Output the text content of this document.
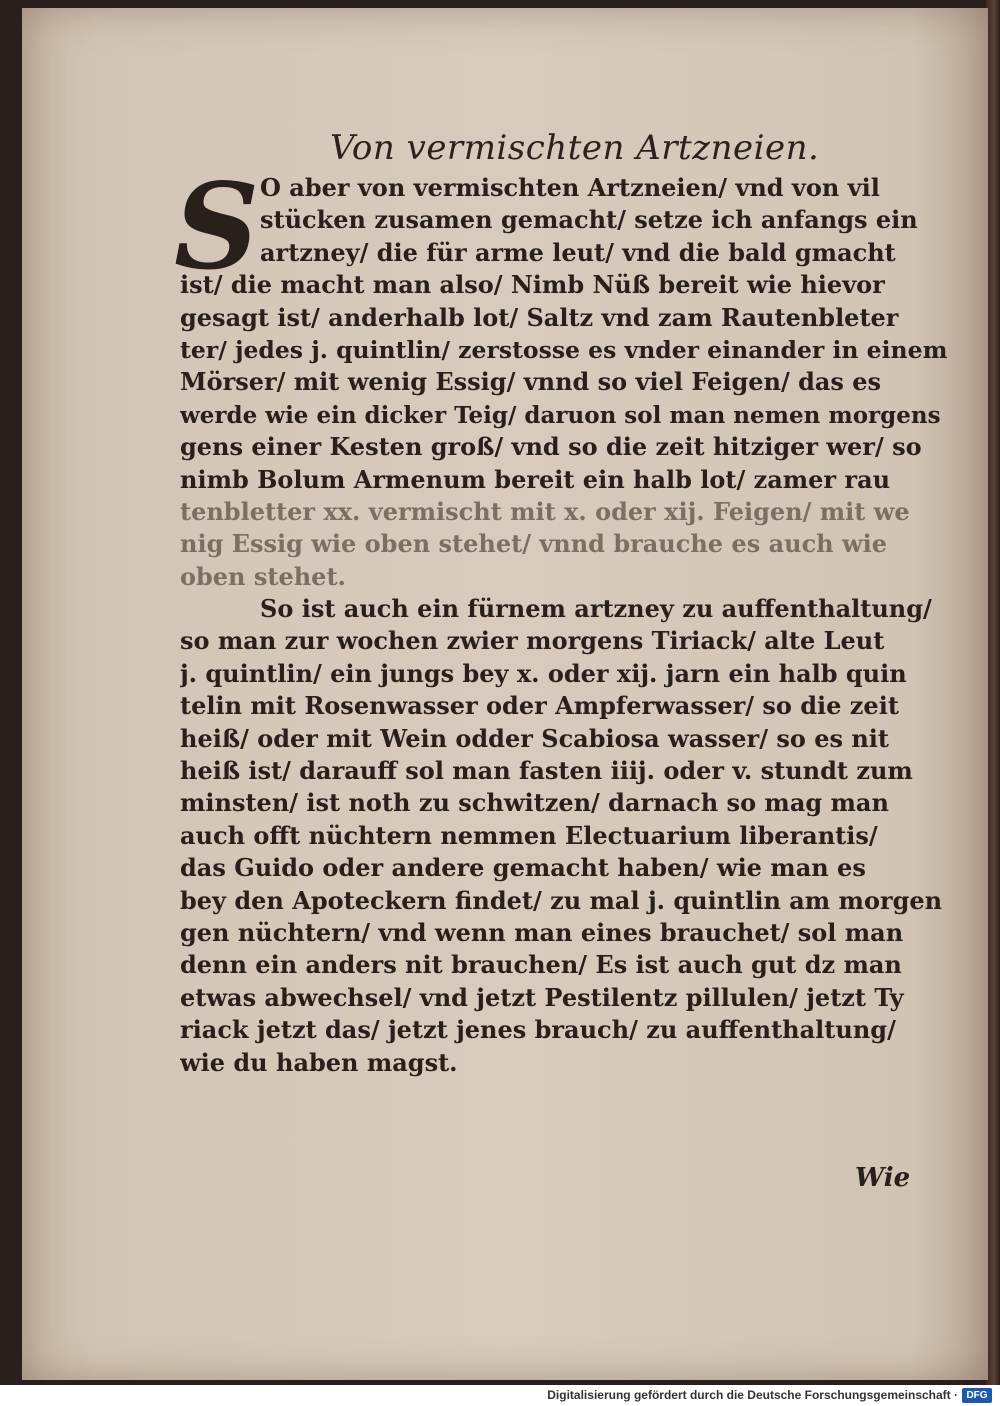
Von vermischten Artzneien.
S O aber von vermischten Artzneien/ vnd von vil
stücken zusamen gemacht/ setze ich anfangs ein
artzney/ die für arme leut/ vnd die bald gmacht
ist/ die macht man also/ Nimb Nüß bereit wie hievor
gesagt ist/ anderhalb lot/ Saltz vnd zam Rautenbleter
ter/ jedes j. quintlin/ zerstosse es vnder einander in einem
Mörser/ mit wenig Essig/ vnnd so viel Feigen/ das es
werde wie ein dicker Teig/ daruon sol man nemen morgens
gens einer Kesten groß/ vnd so die zeit hitziger wer/ so
nimb Bolum Armenum bereit ein halb lot/ zamer rau
tenbletter xx. vermischt mit x. oder xij. Feigen/ mit we
nig Essig wie oben stehet/ vnnd brauche es auch wie
oben stehet.
So ist auch ein fürnem artzney zu auffenthaltung/
so man zur wochen zwier morgens Tiriack/ alte Leut
j. quintlin/ ein jungs bey x. oder xij. jarn ein halb quin
telin mit Rosenwasser oder Ampferwasser/ so die zeit
heiß/ oder mit Wein odder Scabiosa wasser/ so es nit
heiß ist/ darauff sol man fasten iiij. oder v. stundt zum
minsten/ ist noth zu schwitzen/ darnach so mag man
auch offt nüchtern nemmen Electuarium liberantis/
das Guido oder andere gemacht haben/ wie man es
bey den Apoteckern findet/ zu mal j. quintlin am morgen
gen nüchtern/ vnd wenn man eines brauchet/ sol man
denn ein anders nit brauchen/ Es ist auch gut dz man
etwas abwechsel/ vnd jetzt Pestilentz pillulen/ jetzt Ty
riack jetzt das/ jetzt jenes brauch/ zu auffenthaltung/
wie du haben magst.
Wie
Digitalisierung gefördert durch die Deutsche Forschungsgemeinschaft · DFG
